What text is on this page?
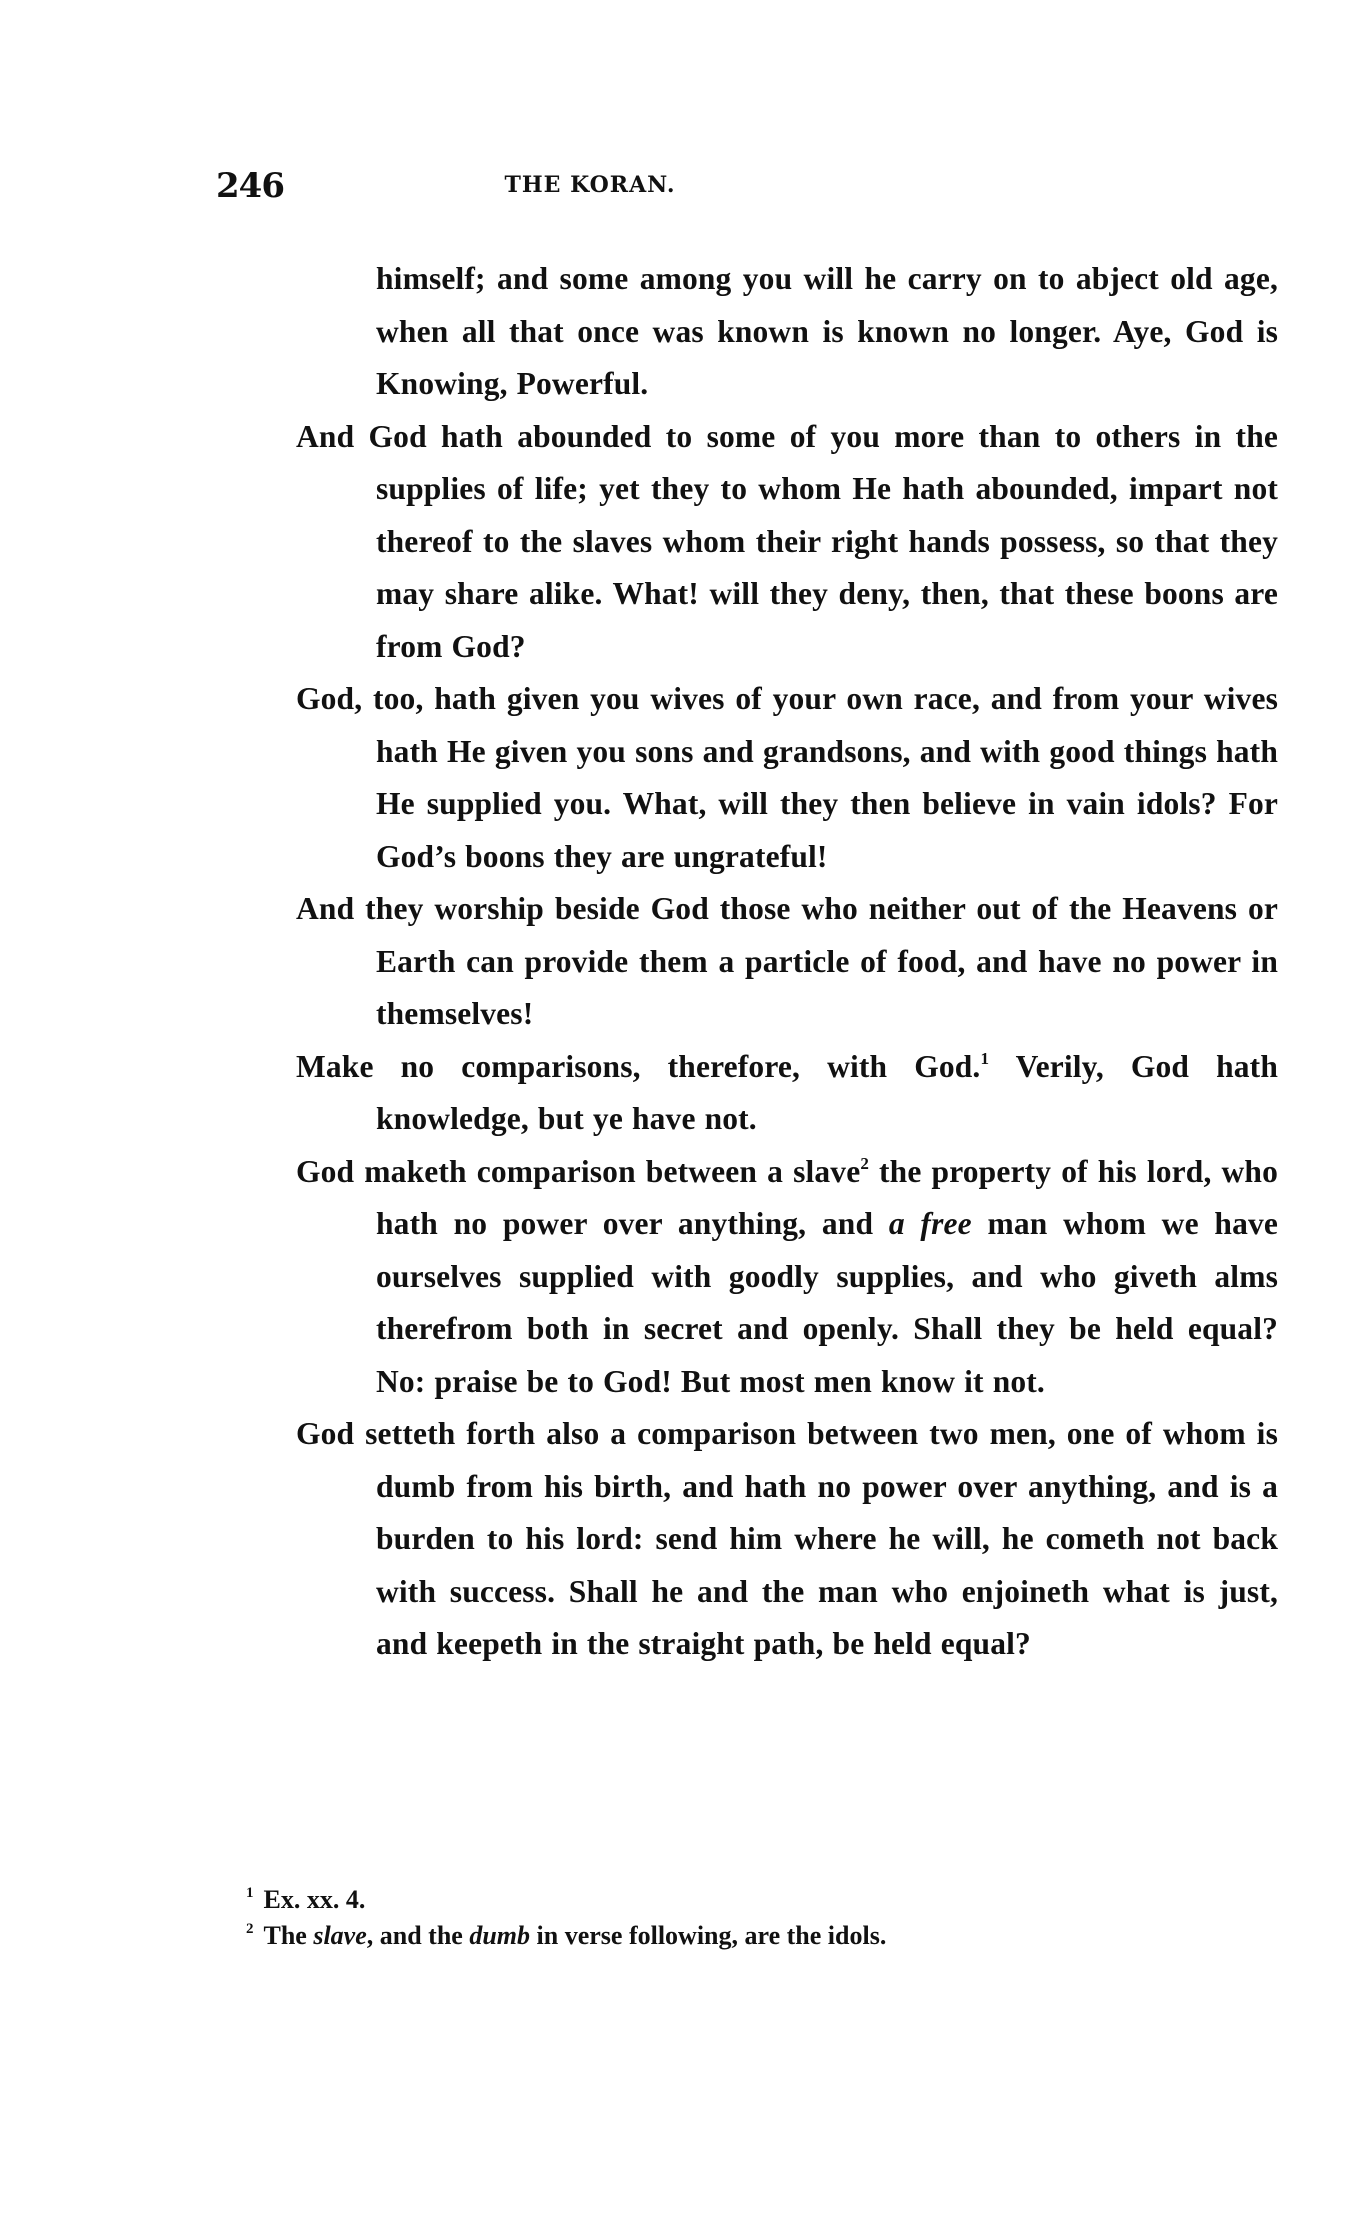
246	THE KORAN.

himself; and some among you will he carry on to abject old age, when all that once was known is known no longer. Aye, God is Knowing, Powerful.

And God hath abounded to some of you more than to others in the supplies of life; yet they to whom He hath abounded, impart not thereof to the slaves whom their right hands possess, so that they may share alike. What! will they deny, then, that these boons are from God?

God, too, hath given you wives of your own race, and from your wives hath He given you sons and grandsons, and with good things hath He supplied you. What, will they then believe in vain idols? For God’s boons they are ungrateful!

And they worship beside God those who neither out of the Heavens or Earth can provide them a particle of food, and have no power in themselves!

Make no comparisons, therefore, with God.$^1$ Verily, God hath knowledge, but ye have not.

God maketh comparison between a slave$^2$ the property of his lord, who hath no power over anything, and a free man whom we have ourselves supplied with goodly supplies, and who giveth alms therefrom both in secret and openly. Shall they be held equal? No: praise be to God! But most men know it not.

God setteth forth also a comparison between two men, one of whom is dumb from his birth, and hath no power over anything, and is a burden to his lord: send him where he will, he cometh not back with success. Shall he and the man who enjoineth what is just, and keepeth in the straight path, be held equal?

$^1$ Ex. xx. 4.

$^2$ The slave, and the dumb in verse following, are the idols.
